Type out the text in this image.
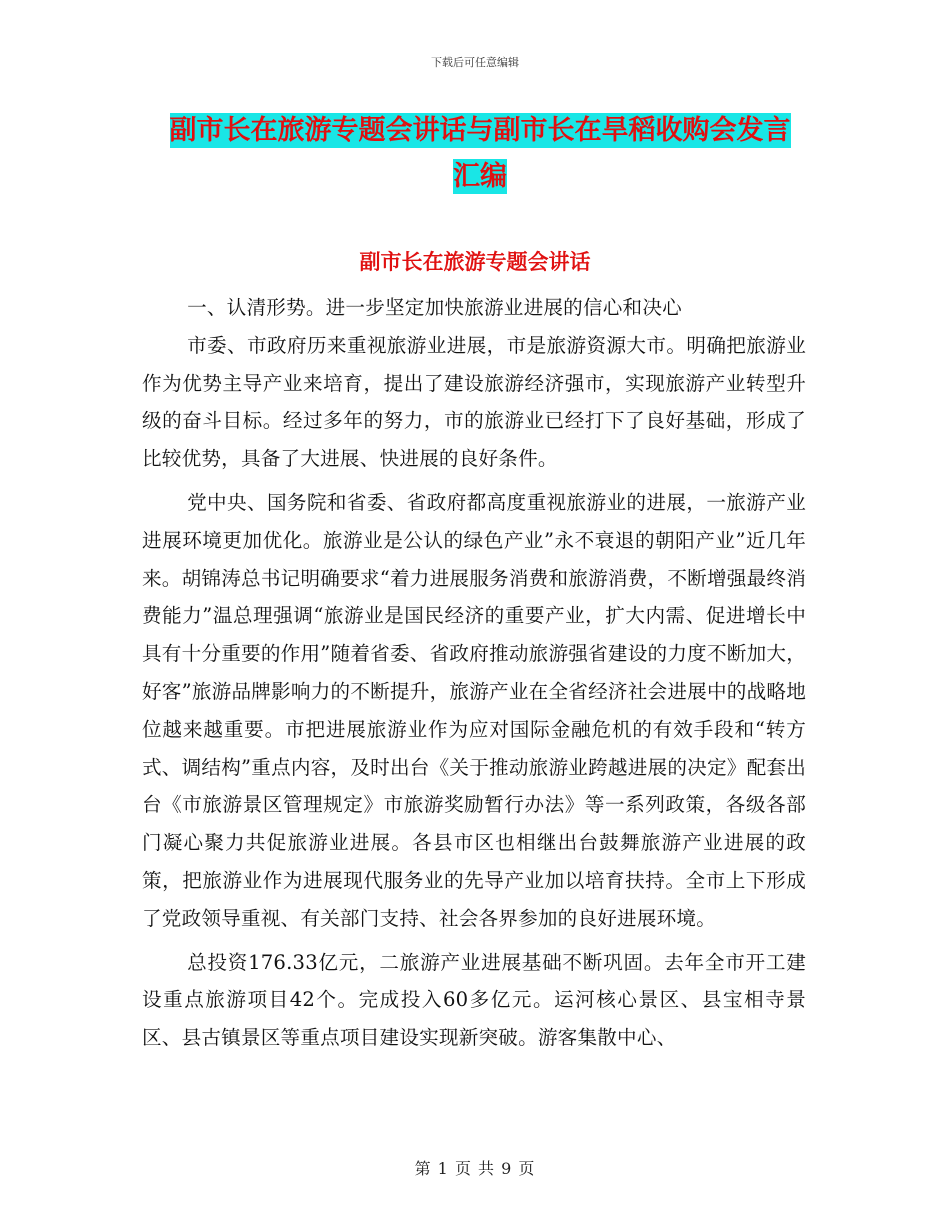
下载后可任意编辑
副市长在旅游专题会讲话与副市长在旱稻收购会发言
汇编
副市长在旅游专题会讲话

一、认清形势。进一步坚定加快旅游业进展的信心和决心

市委、市政府历来重视旅游业进展，市是旅游资源大市。明确把旅游业作为优势主导产业来培育，提出了建设旅游经济强市，实现旅游产业转型升级的奋斗目标。经过多年的努力，市的旅游业已经打下了良好基础，形成了比较优势，具备了大进展、快进展的良好条件。

党中央、国务院和省委、省政府都高度重视旅游业的进展，一旅游产业进展环境更加优化。旅游业是公认的绿色产业”永不衰退的朝阳产业”近几年来。胡锦涛总书记明确要求“着力进展服务消费和旅游消费，不断增强最终消费能力”温总理强调“旅游业是国民经济的重要产业，扩大内需、促进增长中具有十分重要的作用”随着省委、省政府推动旅游强省建设的力度不断加大，好客”旅游品牌影响力的不断提升，旅游产业在全省经济社会进展中的战略地位越来越重要。市把进展旅游业作为应对国际金融危机的有效手段和“转方式、调结构”重点内容，及时出台《关于推动旅游业跨越进展的决定》配套出台《市旅游景区管理规定》市旅游奖励暂行办法》等一系列政策，各级各部门凝心聚力共促旅游业进展。各县市区也相继出台鼓舞旅游产业进展的政策，把旅游业作为进展现代服务业的先导产业加以培育扶持。全市上下形成了党政领导重视、有关部门支持、社会各界参加的良好进展环境。

总投资176.33亿元，二旅游产业进展基础不断巩固。去年全市开工建设重点旅游项目42个。完成投入60多亿元。运河核心景区、县宝相寺景区、县古镇景区等重点项目建设实现新突破。游客集散中心、

第 1 页 共 9 页
